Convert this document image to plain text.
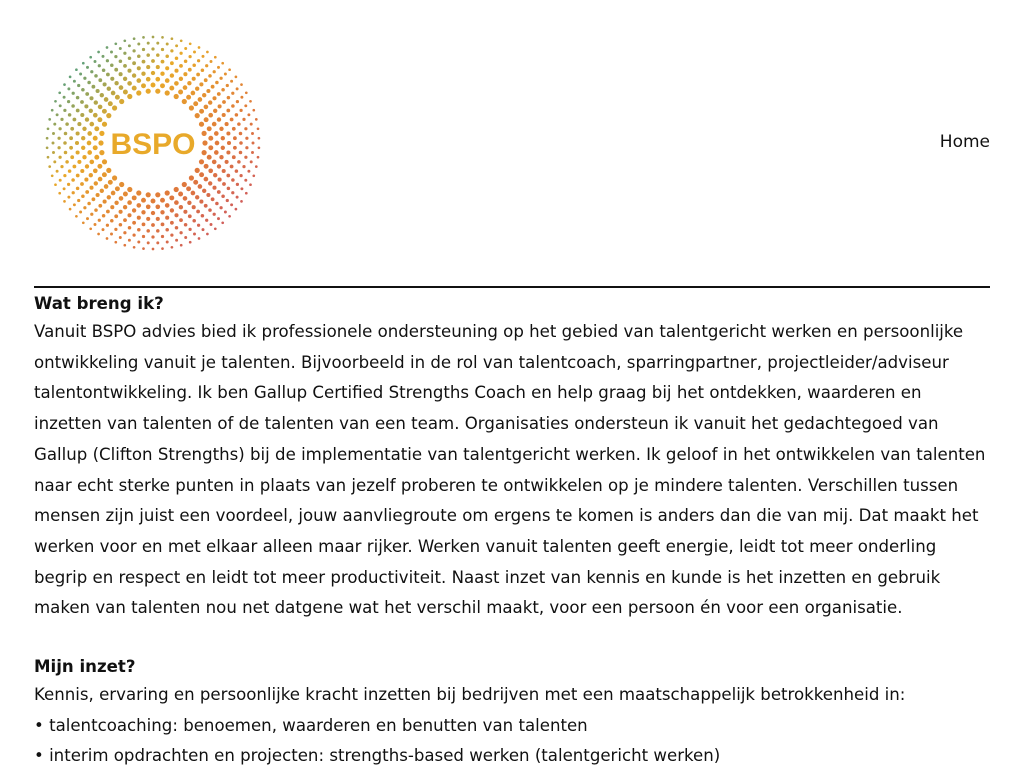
BSPO	Home
Wat breng ik?

Vanuit BSPO advies bied ik professionele ondersteuning op het gebied van talentgericht werken en persoonlijke ontwikkeling vanuit je talenten. Bijvoorbeeld in de rol van talentcoach, sparringpartner, projectleider/adviseur talentontwikkeling. Ik ben Gallup Certified Strengths Coach en help graag bij het ontdekken, waarderen en inzetten van talenten of de talenten van een team. Organisaties ondersteun ik vanuit het gedachtegoed van Gallup (Clifton Strengths) bij de implementatie van talentgericht werken. Ik geloof in het ontwikkelen van talenten naar echt sterke punten in plaats van jezelf proberen te ontwikkelen op je mindere talenten. Verschillen tussen mensen zijn juist een voordeel, jouw aanvliegroute om ergens te komen is anders dan die van mij. Dat maakt het werken voor en met elkaar alleen maar rijker. Werken vanuit talenten geeft energie, leidt tot meer onderling begrip en respect en leidt tot meer productiviteit. Naast inzet van kennis en kunde is het inzetten en gebruik maken van talenten nou net datgene wat het verschil maakt, voor een persoon én voor een organisatie.

Mijn inzet?

Kennis, ervaring en persoonlijke kracht inzetten bij bedrijven met een maatschappelijk betrokkenheid in:

• talentcoaching: benoemen, waarderen en benutten van talenten
• interim opdrachten en projecten: strengths-based werken (talentgericht werken)
